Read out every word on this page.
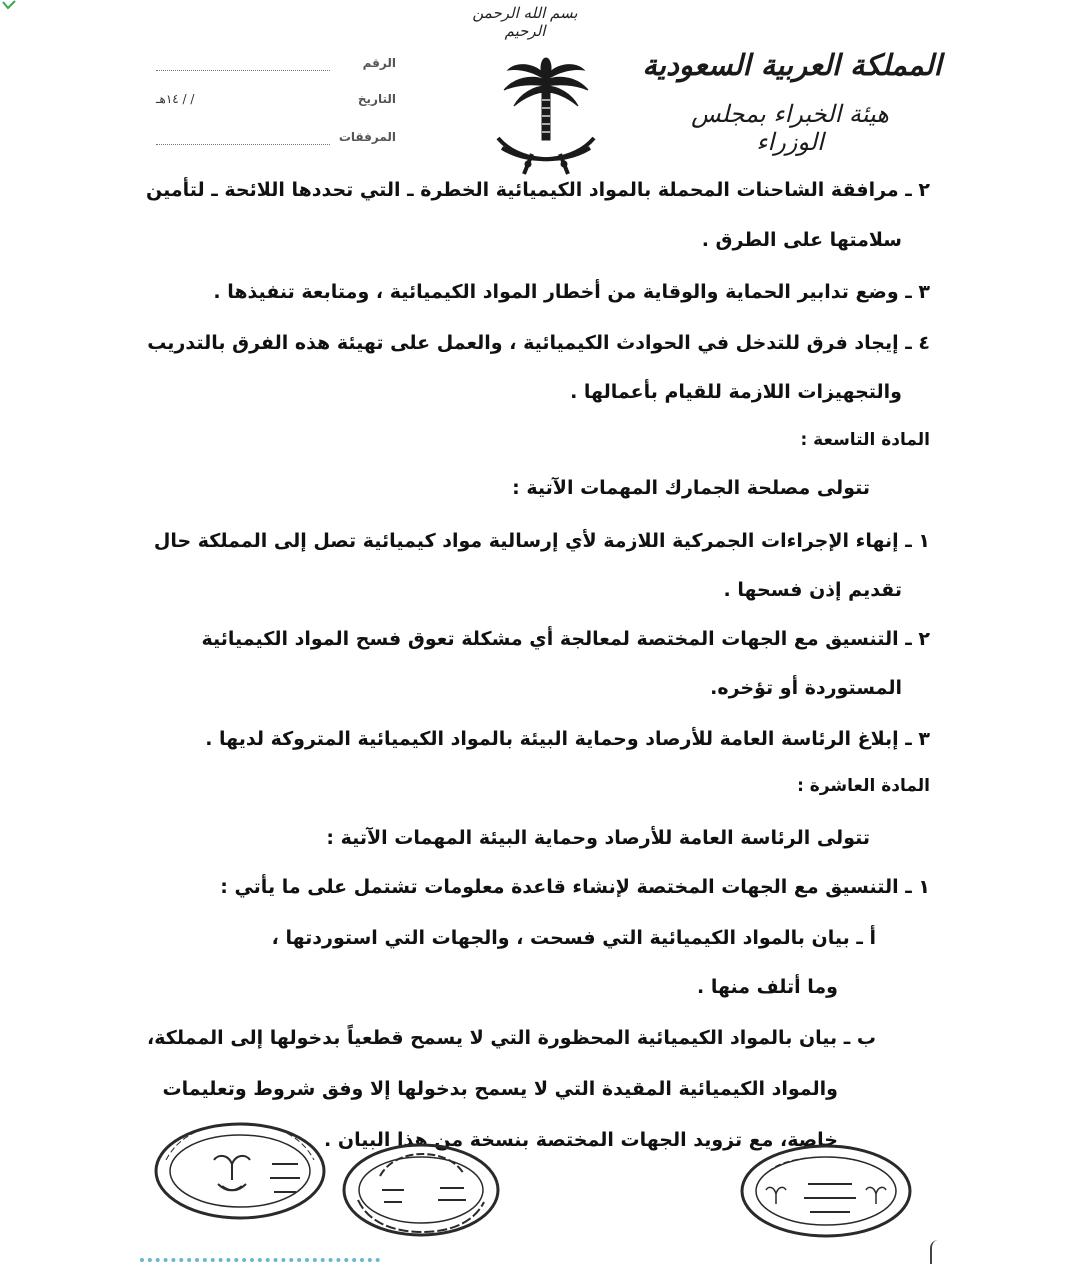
بسم الله الرحمن الرحيم
المملكة العربية السعودية
هيئة الخبراء بمجلس الوزراء
الرقم
التاريخ
١٤هـ / /
المرفقات
٢ ـ مرافقة الشاحنات المحملة بالمواد الكيميائية الخطرة ـ التي تحددها اللائحة ـ لتأمين
سلامتها على الطرق .
٣ ـ وضع تدابير الحماية والوقاية من أخطار المواد الكيميائية ، ومتابعة تنفيذها .
٤ ـ إيجاد فرق للتدخل في الحوادث الكيميائية ، والعمل على تهيئة هذه الفرق بالتدريب
والتجهيزات اللازمة للقيام بأعمالها .
المادة التاسعة :
تتولى مصلحة الجمارك المهمات الآتية :
١ ـ إنهاء الإجراءات الجمركية اللازمة لأي إرسالية مواد كيميائية تصل إلى المملكة حال
تقديم إذن فسحها .
٢ ـ التنسيق مع الجهات المختصة لمعالجة أي مشكلة تعوق فسح المواد الكيميائية
المستوردة أو تؤخره.
٣ ـ إبلاغ الرئاسة العامة للأرصاد وحماية البيئة بالمواد الكيميائية المتروكة لديها .
المادة العاشرة :
تتولى الرئاسة العامة للأرصاد وحماية البيئة المهمات الآتية :
١ ـ التنسيق مع الجهات المختصة لإنشاء قاعدة معلومات تشتمل على ما يأتي :
أ ـ بيان بالمواد الكيميائية التي فسحت ، والجهات التي استوردتها ،
وما أتلف منها .
ب ـ بيان بالمواد الكيميائية المحظورة التي لا يسمح قطعياً بدخولها إلى المملكة،
والمواد الكيميائية المقيدة التي لا يسمح بدخولها إلا وفق شروط وتعليمات
خاصة، مع تزويد الجهات المختصة بنسخة من هذا البيان .
